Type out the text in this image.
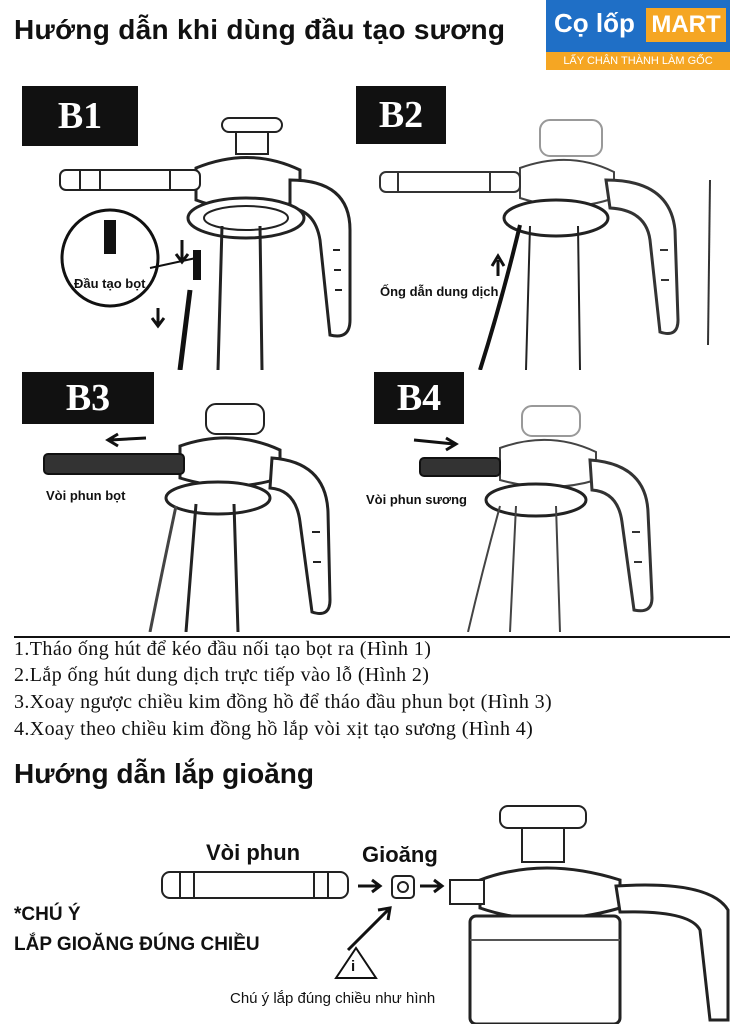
Hướng dẫn khi dùng đầu tạo sương Cọ lốp MART
LẤY CHÂN THÀNH LÀM GỐC
B1
Đầu tạo bọt
B2
Ống dẫn dung dịch
B3
Vòi phun bọt
B4
Vòi phun sương
1.Tháo ống hút để kéo đầu nối tạo bọt ra (Hình 1)
2.Lắp ống hút dung dịch trực tiếp vào lỗ (Hình 2)
3.Xoay ngược chiều kim đồng hồ để tháo đầu phun bọt (Hình 3)
4.Xoay theo chiều kim đồng hồ lắp vòi xịt tạo sương (Hình 4)
Hướng dẫn lắp gioăng
Vòi phun	Gioăng
*CHÚ Ý
LẮP GIOĂNG ĐÚNG CHIỀU
i
Chú ý lắp đúng chiều như hình
